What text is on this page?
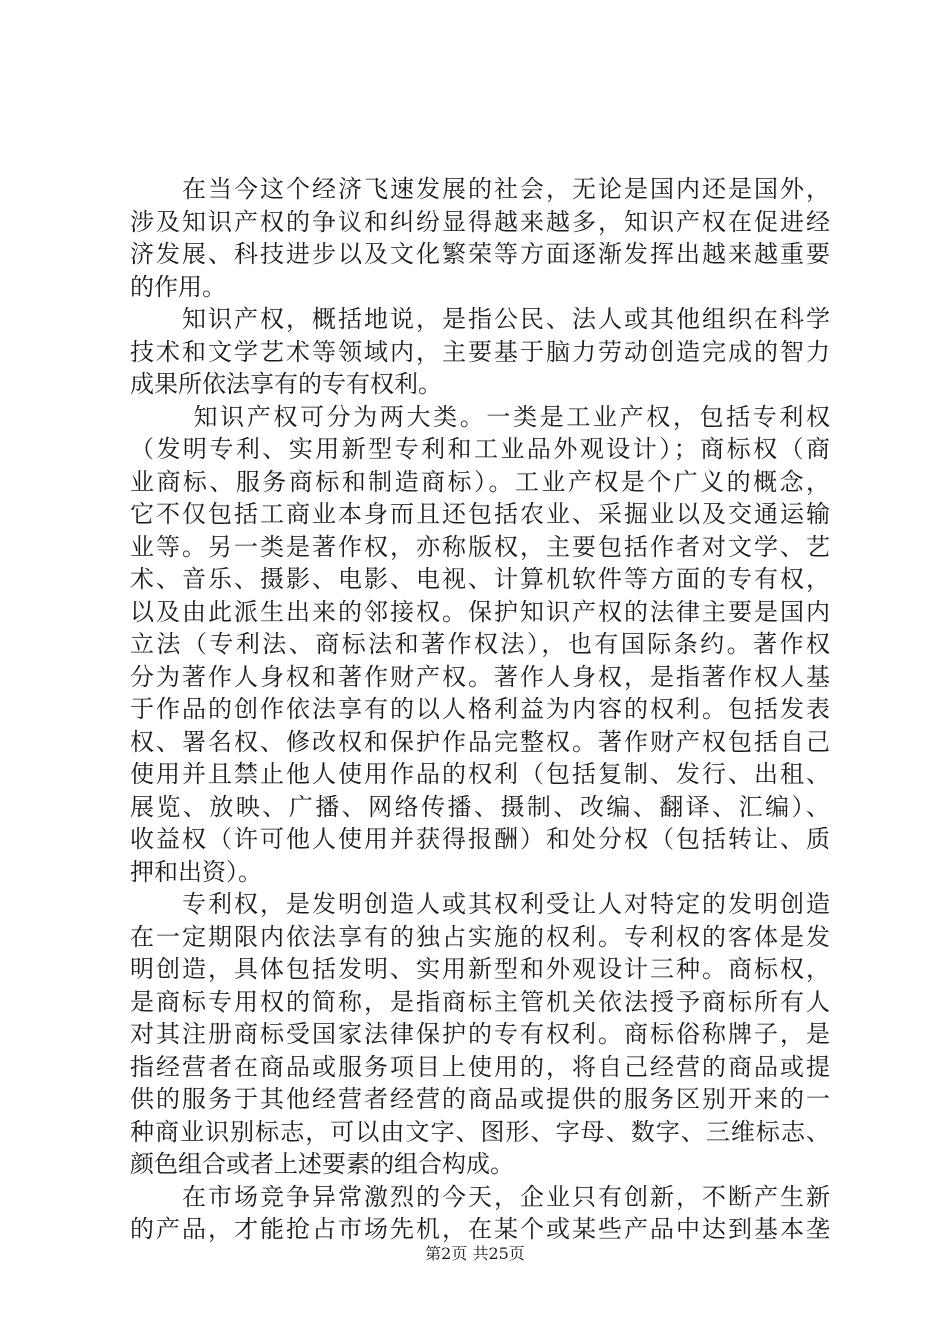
　　在当今这个经济飞速发展的社会，无论是国内还是国外，
涉及知识产权的争议和纠纷显得越来越多，知识产权在促进经
济发展、科技进步以及文化繁荣等方面逐渐发挥出越来越重要
的作用。
　　知识产权，概括地说，是指公民、法人或其他组织在科学
技术和文学艺术等领域内，主要基于脑力劳动创造完成的智力
成果所依法享有的专有权利。
　　 知识产权可分为两大类。一类是工业产权，包括专利权
（发明专利、实用新型专利和工业品外观设计）；商标权（商
业商标、服务商标和制造商标）。工业产权是个广义的概念，
它不仅包括工商业本身而且还包括农业、采掘业以及交通运输
业等。另一类是著作权，亦称版权，主要包括作者对文学、艺
术、音乐、摄影、电影、电视、计算机软件等方面的专有权，
以及由此派生出来的邻接权。保护知识产权的法律主要是国内
立法（专利法、商标法和著作权法），也有国际条约。著作权
分为著作人身权和著作财产权。著作人身权，是指著作权人基
于作品的创作依法享有的以人格利益为内容的权利。包括发表
权、署名权、修改权和保护作品完整权。著作财产权包括自己
使用并且禁止他人使用作品的权利（包括复制、发行、出租、
展览、放映、广播、网络传播、摄制、改编、翻译、汇编）、
收益权（许可他人使用并获得报酬）和处分权（包括转让、质
押和出资）。
　　专利权，是发明创造人或其权利受让人对特定的发明创造
在一定期限内依法享有的独占实施的权利。专利权的客体是发
明创造，具体包括发明、实用新型和外观设计三种。商标权，
是商标专用权的简称，是指商标主管机关依法授予商标所有人
对其注册商标受国家法律保护的专有权利。商标俗称牌子，是
指经营者在商品或服务项目上使用的，将自己经营的商品或提
供的服务于其他经营者经营的商品或提供的服务区别开来的一
种商业识别标志，可以由文字、图形、字母、数字、三维标志、
颜色组合或者上述要素的组合构成。
　　在市场竞争异常激烈的今天，企业只有创新，不断产生新
的产品，才能抢占市场先机，在某个或某些产品中达到基本垄
第2页 共25页
